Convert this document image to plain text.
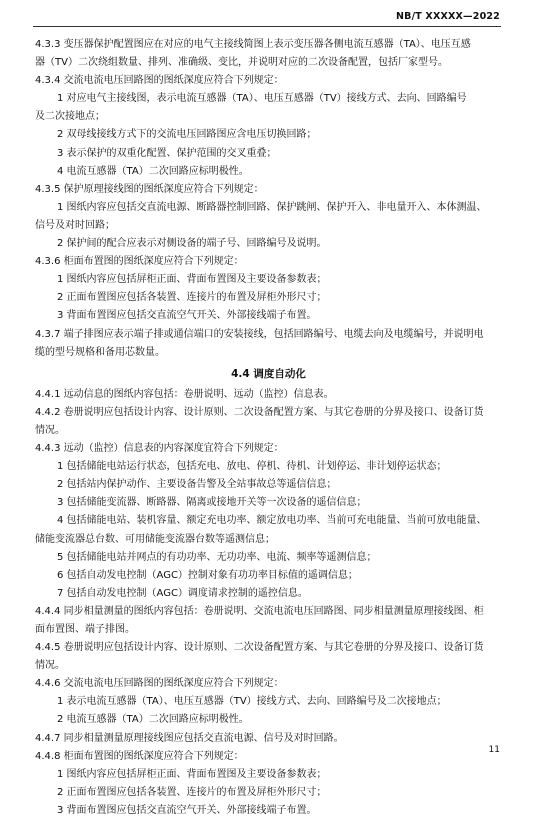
NB/T XXXXX—2022
4.3.3 变压器保护配置图应在对应的电气主接线简图上表示变压器各侧电流互感器（TA）、电压互感
器（TV）二次绕组数量、排列、准确级、变比，并说明对应的二次设备配置，包括厂家型号。
4.3.4 交流电流电压回路图的图纸深度应符合下列规定：
1 对应电气主接线图，表示电流互感器（TA）、电压互感器（TV）接线方式、去向、回路编号
及二次接地点；
2 双母线接线方式下的交流电压回路图应含电压切换回路；
3 表示保护的双重化配置、保护范围的交叉重叠；
4 电流互感器（TA）二次回路应标明极性。
4.3.5 保护原理接线图的图纸深度应符合下列规定：
1 图纸内容应包括交直流电源、断路器控制回路、保护跳闸、保护开入、非电量开入、本体测温、
信号及对时回路；
2 保护间的配合应表示对侧设备的端子号、回路编号及说明。
4.3.6 柜面布置图的图纸深度应符合下列规定：
1 图纸内容应包括屏柜正面、背面布置图及主要设备参数表；
2 正面布置图应包括各装置、连接片的布置及屏柜外形尺寸；
3 背面布置图应包括交直流空气开关、外部接线端子布置。
4.3.7 端子排图应表示端子排或通信端口的安装接线，包括回路编号、电缆去向及电缆编号，并说明电
缆的型号规格和备用芯数量。
4.4 调度自动化
4.4.1 远动信息的图纸内容包括：卷册说明、远动（监控）信息表。
4.4.2 卷册说明应包括设计内容、设计原则、二次设备配置方案、与其它卷册的分界及接口、设备订货
情况。
4.4.3 远动（监控）信息表的内容深度宜符合下列规定：
1 包括储能电站运行状态，包括充电、放电、停机、待机、计划停运、非计划停运状态；
2 包括站内保护动作、主要设备告警及全站事故总等遥信信息；
3 包括储能变流器、断路器、隔离或接地开关等一次设备的遥信信息；
4 包括储能电站、装机容量、额定充电功率、额定放电功率、当前可充电能量、当前可放电能量、
储能变流器总台数、可用储能变流器台数等遥测信息；
5 包括储能电站并网点的有功功率、无功功率、电流、频率等遥测信息；
6 包括自动发电控制（AGC）控制对象有功功率目标值的遥调信息；
7 包括自动发电控制（AGC）调度请求控制的遥控信息。
4.4.4 同步相量测量的图纸内容包括：卷册说明、交流电流电压回路图、同步相量测量原理接线图、柜
面布置图、端子排图。
4.4.5 卷册说明应包括设计内容、设计原则、二次设备配置方案、与其它卷册的分界及接口、设备订货
情况。
4.4.6 交流电流电压回路图的图纸深度应符合下列规定：
1 表示电流互感器（TA）、电压互感器（TV）接线方式、去向、回路编号及二次接地点；
2 电流互感器（TA）二次回路应标明极性。
4.4.7 同步相量测量原理接线图应包括交直流电源、信号及对时回路。
4.4.8 柜面布置图的图纸深度应符合下列规定：
1 图纸内容应包括屏柜正面、背面布置图及主要设备参数表；
2 正面布置图应包括各装置、连接片的布置及屏柜外形尺寸；
3 背面布置图应包括交直流空气开关、外部接线端子布置。
11
